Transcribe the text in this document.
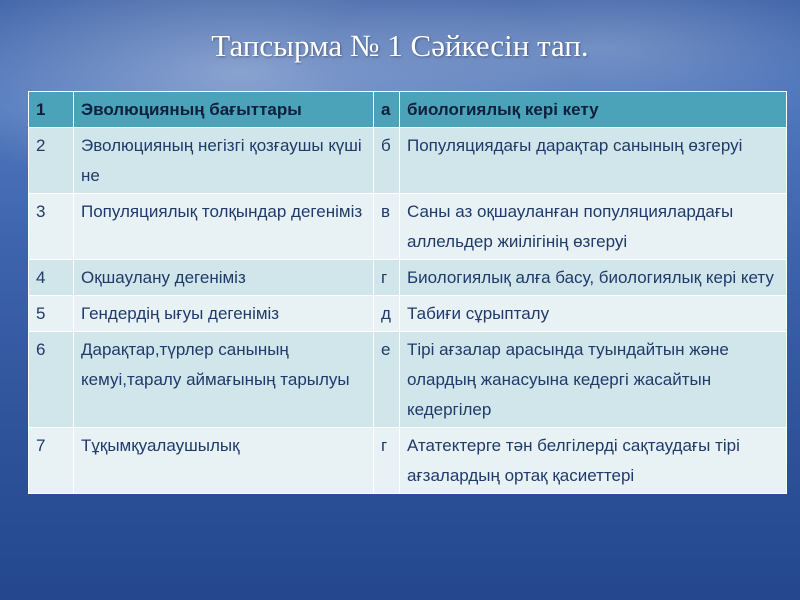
Тапсырма № 1 Сәйкесін тап.
1	Эволюцияның бағыттары	а	биологиялық кері кету
2	Эволюцияның негізгі қозғаушы күші не	б	Популяциядағы дарақтар санының өзгеруі
3	Популяциялық толқындар дегеніміз	в	Саны аз оқшауланған популяциялардағы аллельдер жиілігінің өзгеруі
4	Оқшаулану дегеніміз	г	Биологиялық алға басу, биологиялық кері кету
5	Гендердің ығуы дегеніміз	д	Табиғи сұрыпталу
6	Дарақтар,түрлер санының кемуі,таралу аймағының тарылуы	е	Тірі ағзалар арасында туындайтын және олардың жанасуына кедергі жасайтын кедергілер
7	Тұқымқуалаушылық	г	Ататектерге тән белгілерді сақтаудағы тірі ағзалардың ортақ қасиеттері
